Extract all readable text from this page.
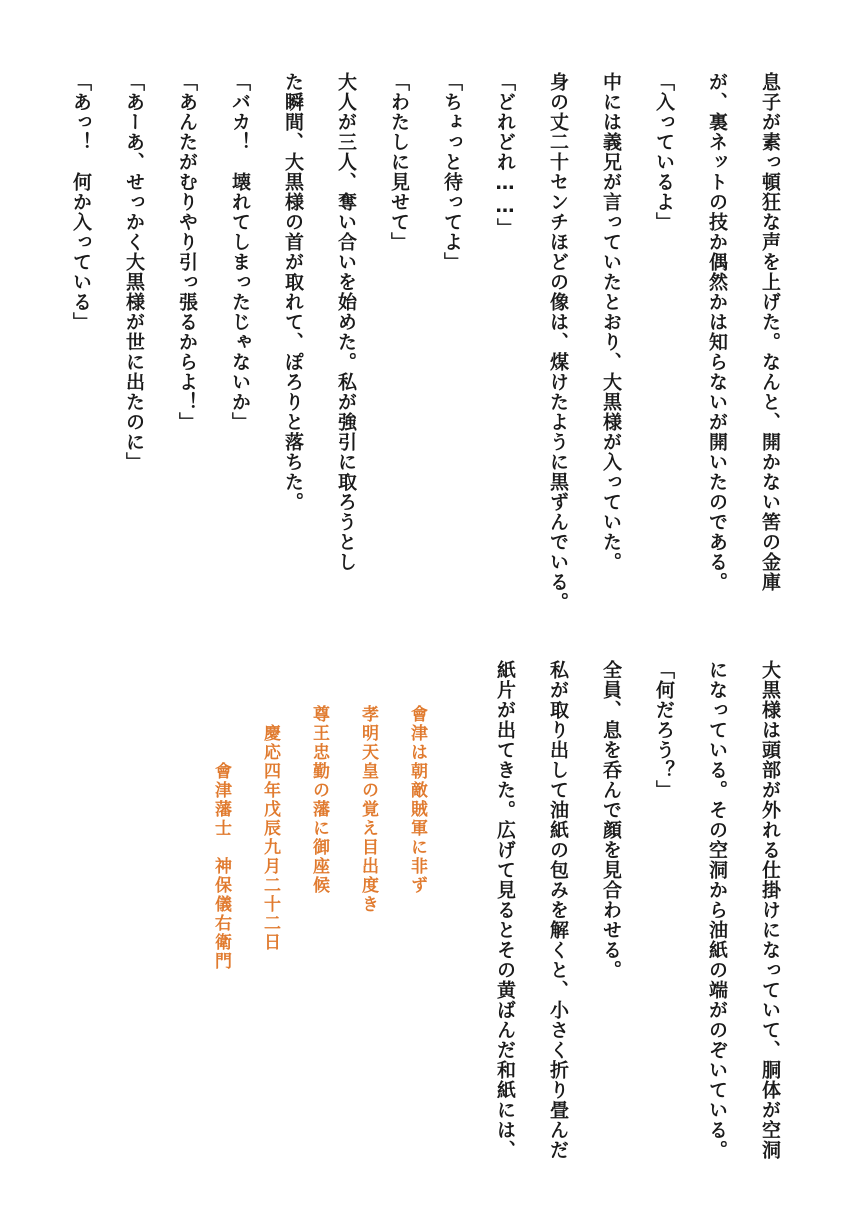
息子が素っ頓狂な声を上げた。なんと、開かない筈の金庫
が、裏ネットの技か偶然かは知らないが開いたのである。
「入っているよ」
中には義兄が言っていたとおり、大黒様が入っていた。
身の丈二十センチほどの像は、煤けたように黒ずんでいる。
「どれどれ……」
「ちょっと待ってよ」
「わたしに見せて」
大人が三人、奪い合いを始めた。私が強引に取ろうとし
た瞬間、大黒様の首が取れて、ぽろりと落ちた。
「バカ！　壊れてしまったじゃないか」
「あんたがむりやり引っ張るからよ！」
「あーあ、せっかく大黒様が世に出たのに」
「あっ！　何か入っている」
大黒様は頭部が外れる仕掛けになっていて、胴体が空洞
になっている。その空洞から油紙の端がのぞいている。
「何だろう？」
全員、息を呑んで顔を見合わせる。
私が取り出して油紙の包みを解くと、小さく折り畳んだ
紙片が出てきた。広げて見るとその黄ばんだ和紙には、
會津は朝敵賊軍に非ず
孝明天皇の覚え目出度き
尊王忠勤の藩に御座候
　慶応四年戊辰九月二十二日
　　　會津藩士　神保儀右衛門
